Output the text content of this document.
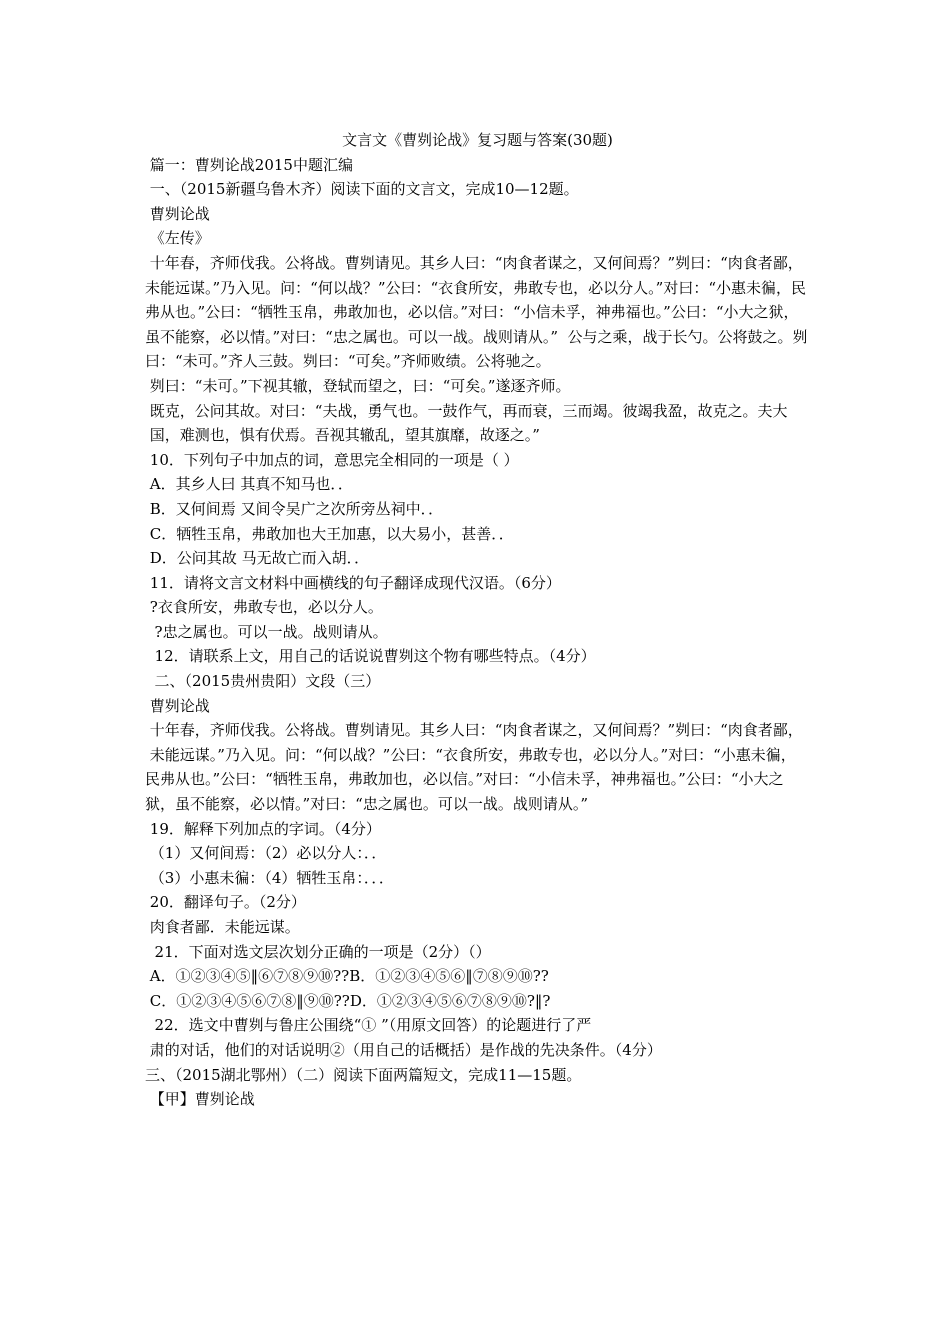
文言文《曹刿论战》复习题与答案(30题)

篇一：曹刿论战2015中题汇编

一、（2015新疆乌鲁木齐）阅读下面的文言文，完成10—12题。

曹刿论战

《左传》

十年春，齐师伐我。公将战。曹刿请见。其乡人曰：“肉食者谋之，又何间焉？”刿曰：“肉食者鄙，未能远谋。”乃入见。问：“何以战？”公曰：“衣食所安，弗敢专也，必以分人。”对曰：“小惠未徧，民弗从也。”公曰：“牺牲玉帛，弗敢加也，必以信。”对曰：“小信未孚，神弗福也。”公曰：“小大之狱，虽不能察，必以情。”对曰：“忠之属也。可以一战。战则请从。”  公与之乘，战于长勺。公将鼓之。刿曰：“未可。”齐人三鼓。刿曰：“可矣。”齐师败绩。公将驰之。

刿曰：“未可。”下视其辙，登轼而望之，曰：“可矣。”遂逐齐师。

既克，公问其故。对曰：“夫战，勇气也。一鼓作气，再而衰，三而竭。彼竭我盈，故克之。夫大

国，难测也，惧有伏焉。吾视其辙乱，望其旗靡，故逐之。”

10．下列句子中加点的词，意思完全相同的一项是（ ）

A．其乡人曰 其真不知马也．．

B．又何间焉 又间令吴广之次所旁丛祠中．．

C．牺牲玉帛，弗敢加也大王加惠，以大易小，甚善．．

D．公问其故 马无故亡而入胡．．

11．请将文言文材料中画横线的句子翻译成现代汉语。（6分）

?衣食所安，弗敢专也，必以分人。

?忠之属也。可以一战。战则请从。

12．请联系上文，用自己的话说说曹刿这个物有哪些特点。（4分）

二、（2015贵州贵阳）文段（三）

曹刿论战

十年春，齐师伐我。公将战。曹刿请见。其乡人曰：“肉食者谋之，又何间焉？”刿曰：“肉食者鄙，

未能远谋。”乃入见。问：“何以战？”公曰：“衣食所安，弗敢专也，必以分人。”对曰：“小惠未徧，民弗从也。”公曰：“牺牲玉帛，弗敢加也，必以信。”对曰：“小信未孚，神弗福也。”公曰：“小大之狱，虽不能察，必以情。”对曰：“忠之属也。可以一战。战则请从。”

19．解释下列加点的字词。（4分）

（1）又何间焉：（2）必以分人：．．

（3）小惠未徧：（4）牺牲玉帛：．．．

20．翻译句子。（2分）

肉食者鄙．未能远谋。

21．下面对选文层次划分正确的一项是（2分）（）

A．①②③④⑤‖⑥⑦⑧⑨⑩??B．①②③④⑤⑥‖⑦⑧⑨⑩??

C．①②③④⑤⑥⑦⑧‖⑨⑩??D．①②③④⑤⑥⑦⑧⑨⑩?‖?

22．选文中曹刿与鲁庄公围绕“① ”（用原文回答）的论题进行了严

肃的对话，他们的对话说明②（用自己的话概括）是作战的先决条件。（4分）

三、（2015湖北鄂州）（二）阅读下面两篇短文，完成11—15题。

【甲】曹刿论战
